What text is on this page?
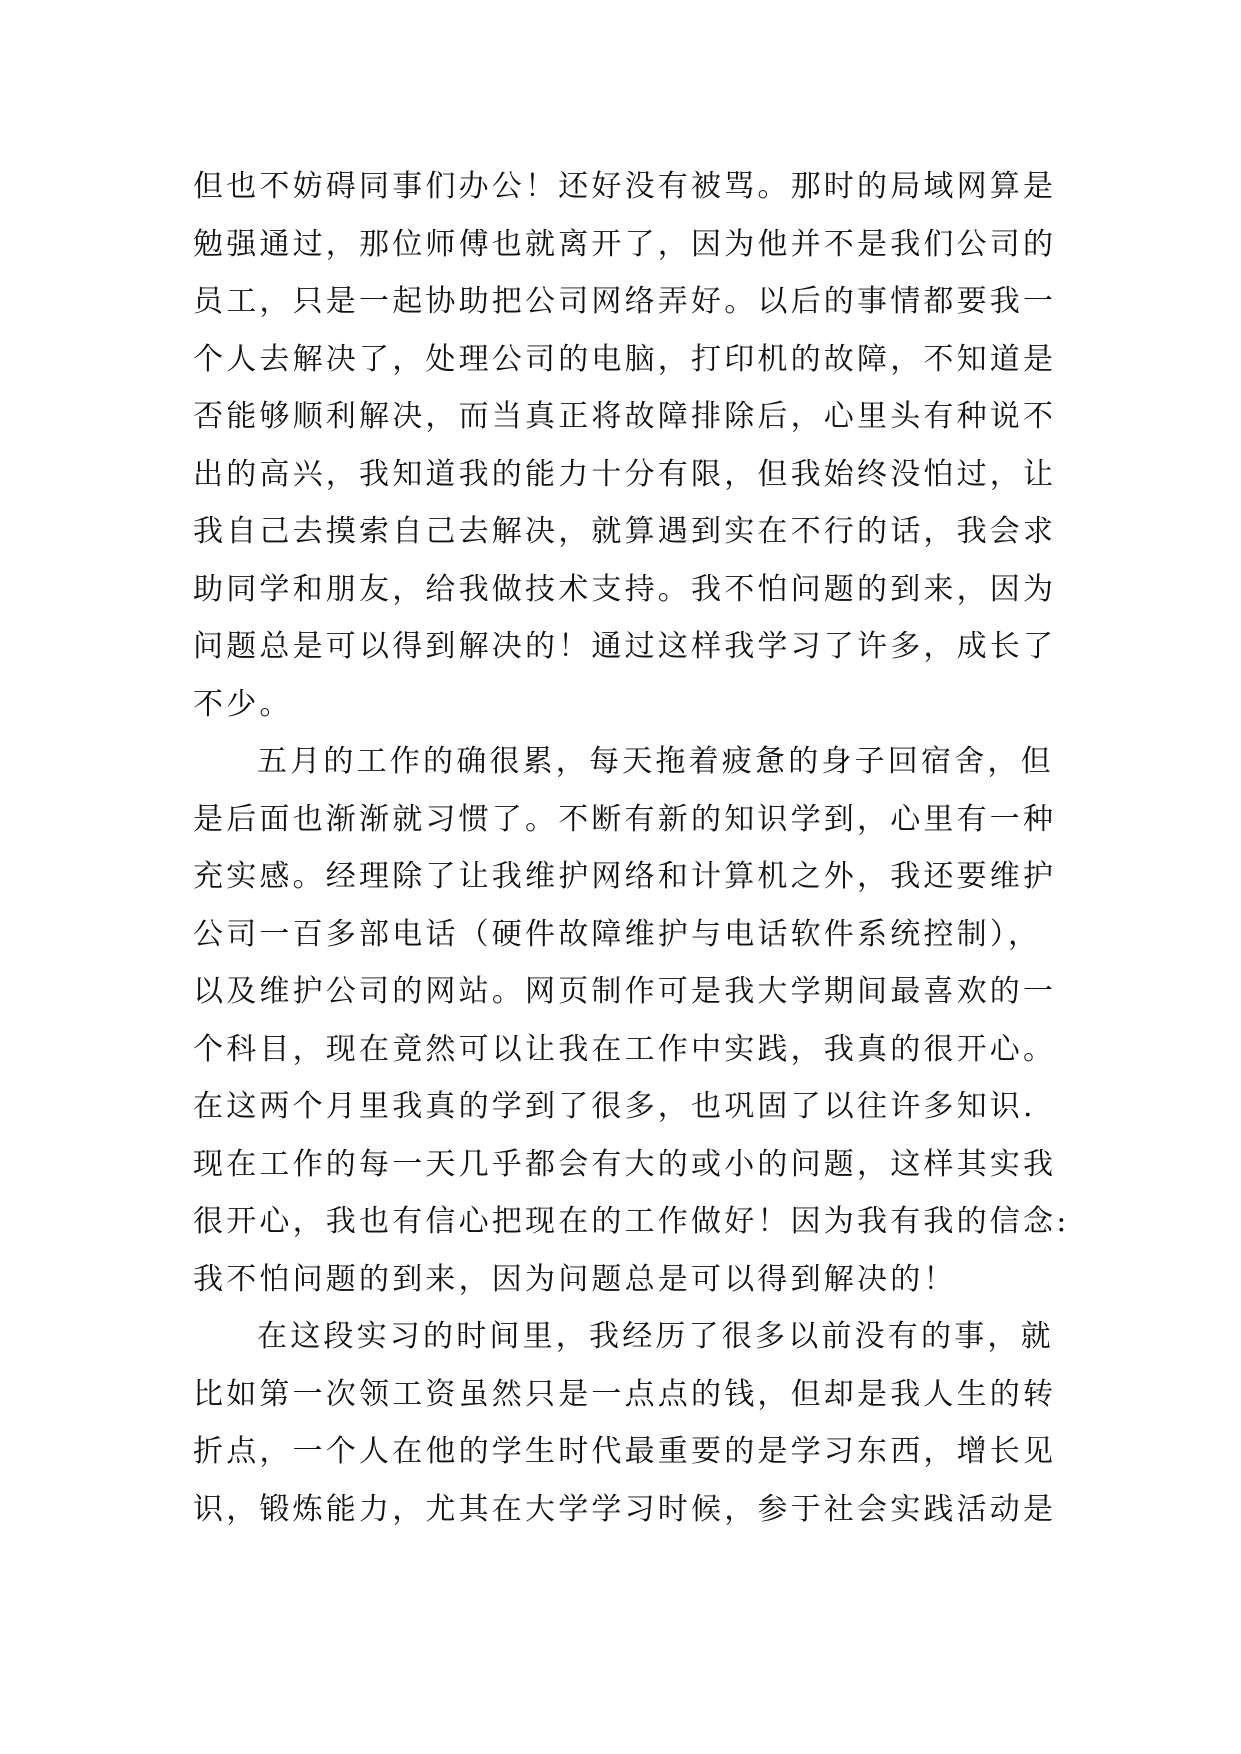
但也不妨碍同事们办公！还好没有被骂。那时的局域网算是
勉强通过，那位师傅也就离开了，因为他并不是我们公司的
员工，只是一起协助把公司网络弄好。以后的事情都要我一
个人去解决了，处理公司的电脑，打印机的故障，不知道是
否能够顺利解决，而当真正将故障排除后，心里头有种说不
出的高兴，我知道我的能力十分有限，但我始终没怕过，让
我自己去摸索自己去解决，就算遇到实在不行的话，我会求
助同学和朋友，给我做技术支持。我不怕问题的到来，因为
问题总是可以得到解决的！通过这样我学习了许多，成长了
不少。
五月的工作的确很累，每天拖着疲惫的身子回宿舍，但
是后面也渐渐就习惯了。不断有新的知识学到，心里有一种
充实感。经理除了让我维护网络和计算机之外，我还要维护
公司一百多部电话（硬件故障维护与电话软件系统控制），
以及维护公司的网站。网页制作可是我大学期间最喜欢的一
个科目，现在竟然可以让我在工作中实践，我真的很开心。
在这两个月里我真的学到了很多，也巩固了以往许多知识.
现在工作的每一天几乎都会有大的或小的问题，这样其实我
很开心，我也有信心把现在的工作做好！因为我有我的信念:
我不怕问题的到来，因为问题总是可以得到解决的！
在这段实习的时间里，我经历了很多以前没有的事，就
比如第一次领工资虽然只是一点点的钱，但却是我人生的转
折点，一个人在他的学生时代最重要的是学习东西，增长见
识，锻炼能力，尤其在大学学习时候，参于社会实践活动是
